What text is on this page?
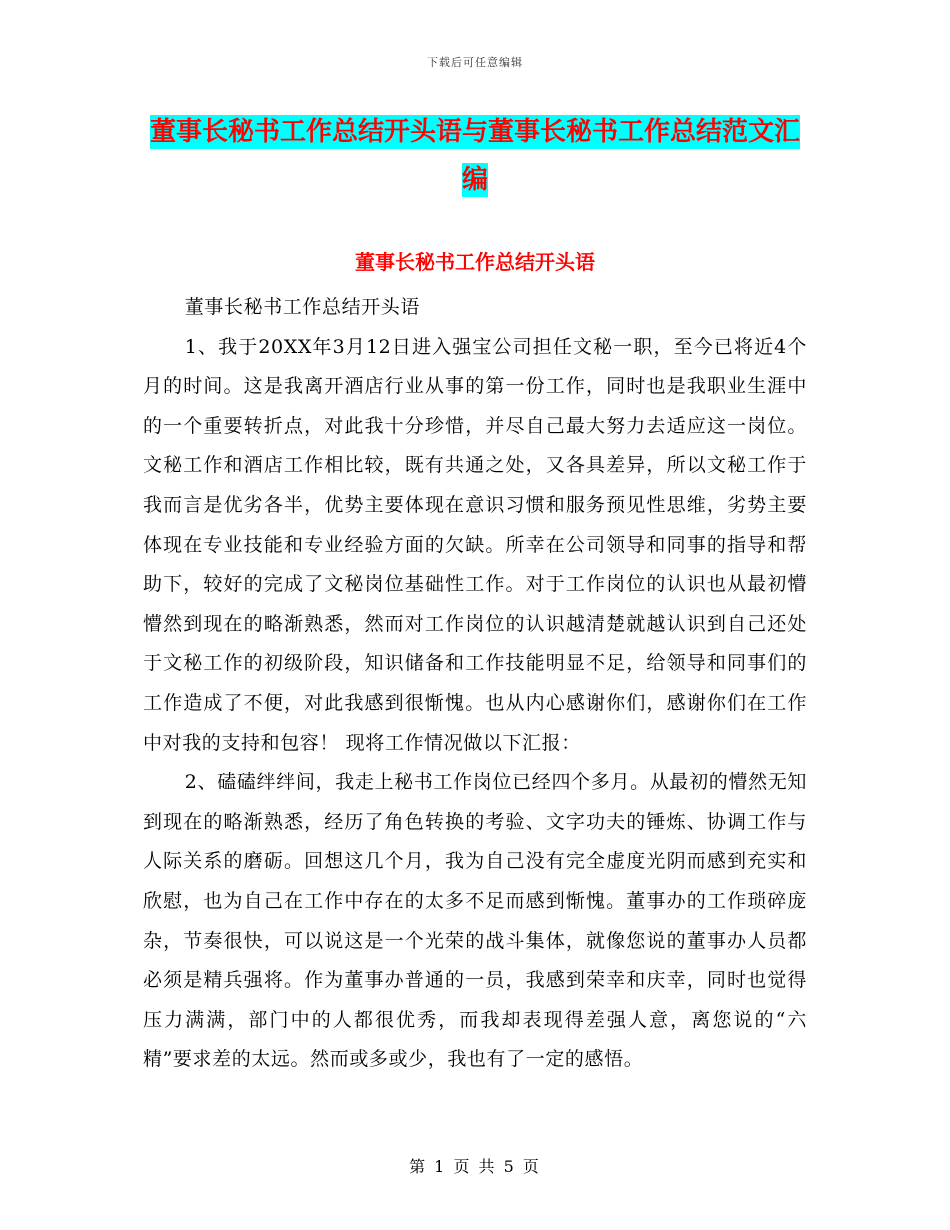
下载后可任意编辑
董事长秘书工作总结开头语与董事长秘书工作总结范文汇编
董事长秘书工作总结开头语

董事长秘书工作总结开头语

1、我于20XX年3月12日进入强宝公司担任文秘一职，至今已将近4个月的时间。这是我离开酒店行业从事的第一份工作，同时也是我职业生涯中的一个重要转折点，对此我十分珍惜，并尽自己最大努力去适应这一岗位。文秘工作和酒店工作相比较，既有共通之处，又各具差异，所以文秘工作于我而言是优劣各半，优势主要体现在意识习惯和服务预见性思维，劣势主要体现在专业技能和专业经验方面的欠缺。所幸在公司领导和同事的指导和帮助下，较好的完成了文秘岗位基础性工作。对于工作岗位的认识也从最初懵懵然到现在的略渐熟悉，然而对工作岗位的认识越清楚就越认识到自己还处于文秘工作的初级阶段，知识储备和工作技能明显不足，给领导和同事们的工作造成了不便，对此我感到很惭愧。也从内心感谢你们，感谢你们在工作中对我的支持和包容！ 现将工作情况做以下汇报：

2、磕磕绊绊间，我走上秘书工作岗位已经四个多月。从最初的懵然无知到现在的略渐熟悉，经历了角色转换的考验、文字功夫的锤炼、协调工作与人际关系的磨砺。回想这几个月，我为自己没有完全虚度光阴而感到充实和欣慰，也为自己在工作中存在的太多不足而感到惭愧。董事办的工作琐碎庞杂，节奏很快，可以说这是一个光荣的战斗集体，就像您说的董事办人员都必须是精兵强将。作为董事办普通的一员，我感到荣幸和庆幸，同时也觉得压力满满，部门中的人都很优秀，而我却表现得差强人意，离您说的“六精”要求差的太远。然而或多或少，我也有了一定的感悟。

第 1 页 共 5 页
